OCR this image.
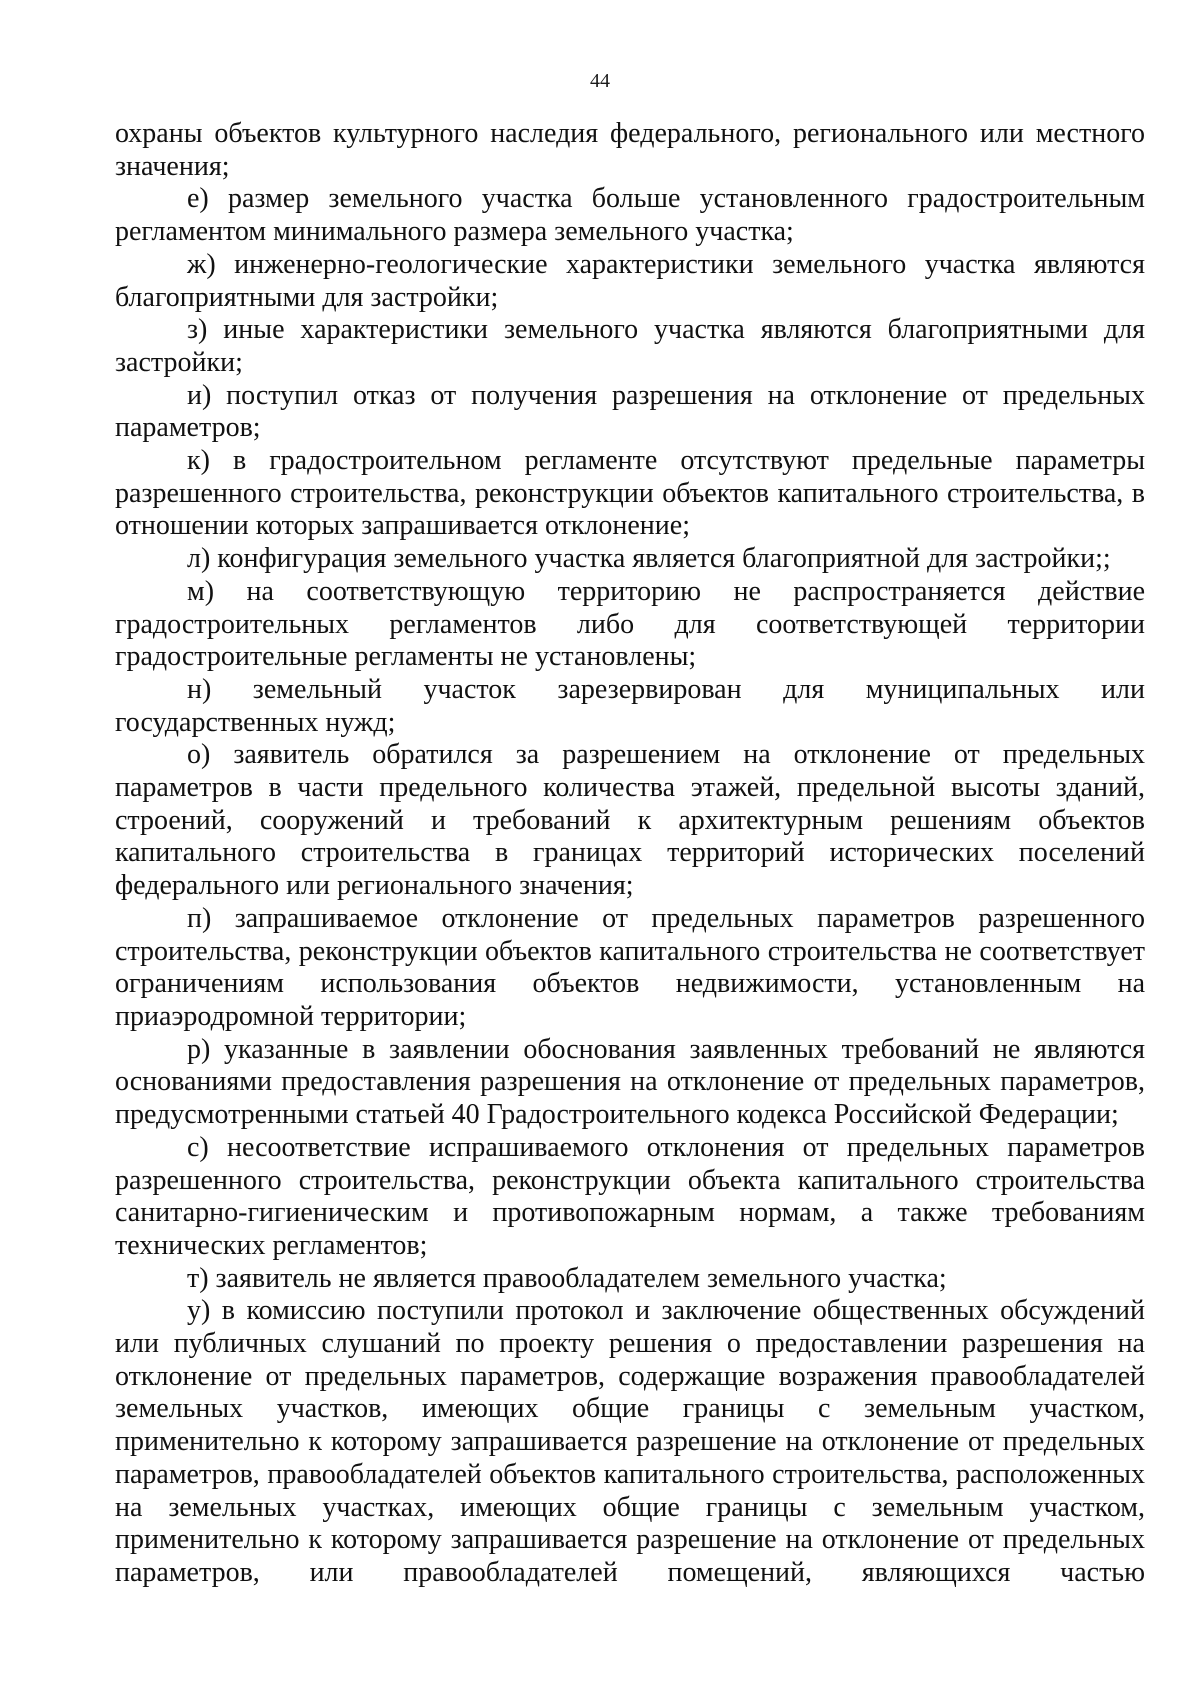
44

охраны объектов культурного наследия федерального, регионального или местного значения;

е) размер земельного участка больше установленного градостроительным регламентом минимального размера земельного участка;

ж) инженерно-геологические характеристики земельного участка являются благоприятными для застройки;

з) иные характеристики земельного участка являются благоприятными для застройки;

и) поступил отказ от получения разрешения на отклонение от предельных параметров;

к) в градостроительном регламенте отсутствуют предельные параметры разрешенного строительства, реконструкции объектов капитального строительства, в отношении которых запрашивается отклонение;

л) конфигурация земельного участка является благоприятной для застройки;;

м) на соответствующую территорию не распространяется действие градостроительных регламентов либо для соответствующей территории градостроительные регламенты не установлены;

н) земельный участок зарезервирован для муниципальных или государственных нужд;

о) заявитель обратился за разрешением на отклонение от предельных параметров в части предельного количества этажей, предельной высоты зданий, строений, сооружений и требований к архитектурным решениям объектов капитального строительства в границах территорий исторических поселений федерального или регионального значения;

п) запрашиваемое отклонение от предельных параметров разрешенного строительства, реконструкции объектов капитального строительства не соответствует ограничениям использования объектов недвижимости, установленным на приаэродромной территории;

р) указанные в заявлении обоснования заявленных требований не являются основаниями предоставления разрешения на отклонение от предельных параметров, предусмотренными статьей 40 Градостроительного кодекса Российской Федерации;

с) несоответствие испрашиваемого отклонения от предельных параметров разрешенного строительства, реконструкции объекта капитального строительства санитарно-гигиеническим и противопожарным нормам, а также требованиям технических регламентов;

т) заявитель не является правообладателем земельного участка;

у) в комиссию поступили протокол и заключение общественных обсуждений или публичных слушаний по проекту решения о предоставлении разрешения на отклонение от предельных параметров, содержащие возражения правообладателей земельных участков, имеющих общие границы с земельным участком, применительно к которому запрашивается разрешение на отклонение от предельных параметров, правообладателей объектов капитального строительства, расположенных на земельных участках, имеющих общие границы с земельным участком, применительно к которому запрашивается разрешение на отклонение от предельных параметров, или правообладателей помещений, являющихся частью
